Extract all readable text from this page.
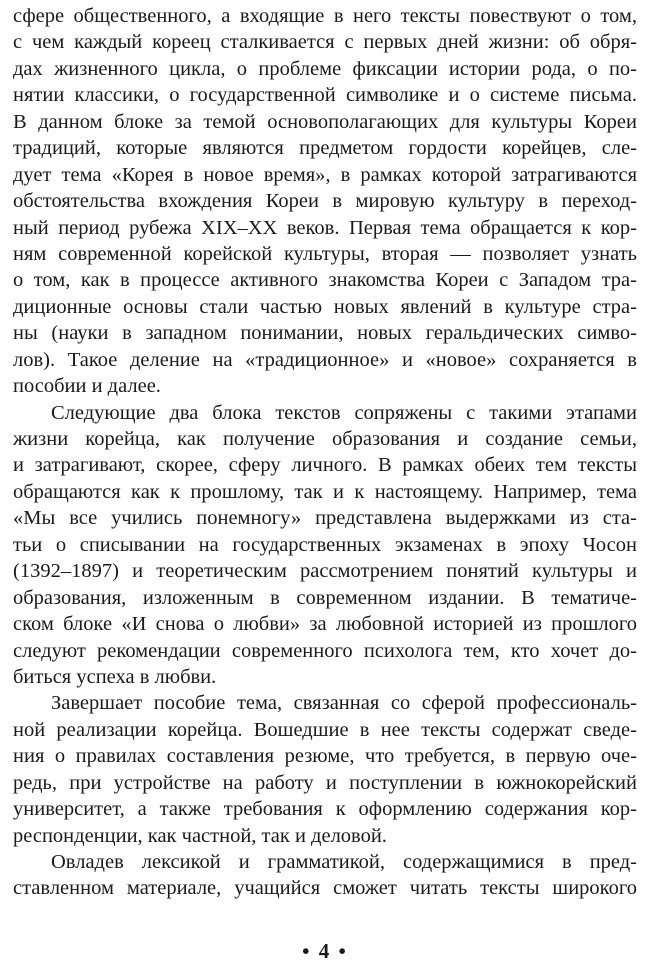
сфере общественного, а входящие в него тексты повествуют о том,
с чем каждый кореец сталкивается с первых дней жизни: об обря-
дах жизненного цикла, о проблеме фиксации истории рода, о по-
нятии классики, о государственной символике и о системе письма.
В данном блоке за темой основополагающих для культуры Кореи
традиций, которые являются предметом гордости корейцев, сле-
дует тема «Корея в новое время», в рамках которой затрагиваются
обстоятельства вхождения Кореи в мировую культуру в переход-
ный период рубежа XIX–XX веков. Первая тема обращается к кор-
ням современной корейской культуры, вторая — позволяет узнать
о том, как в процессе активного знакомства Кореи с Западом тра-
диционные основы стали частью новых явлений в культуре стра-
ны (науки в западном понимании, новых геральдических симво-
лов). Такое деление на «традиционное» и «новое» сохраняется в
пособии и далее.
Следующие два блока текстов сопряжены с такими этапами
жизни корейца, как получение образования и создание семьи,
и затрагивают, скорее, сферу личного. В рамках обеих тем тексты
обращаются как к прошлому, так и к настоящему. Например, тема
«Мы все учились понемногу» представлена выдержками из ста-
тьи о списывании на государственных экзаменах в эпоху Чосон
(1392–1897) и теоретическим рассмотрением понятий культуры и
образования, изложенным в современном издании. В тематиче-
ском блоке «И снова о любви» за любовной историей из прошлого
следуют рекомендации современного психолога тем, кто хочет до-
биться успеха в любви.
Завершает пособие тема, связанная со сферой профессиональ-
ной реализации корейца. Вошедшие в нее тексты содержат сведе-
ния о правилах составления резюме, что требуется, в первую оче-
редь, при устройстве на работу и поступлении в южнокорейский
университет, а также требования к оформлению содержания кор-
респонденции, как частной, так и деловой.
Овладев лексикой и грамматикой, содержащимися в пред-
ставленном материале, учащийся сможет читать тексты широкого
• 4 •
